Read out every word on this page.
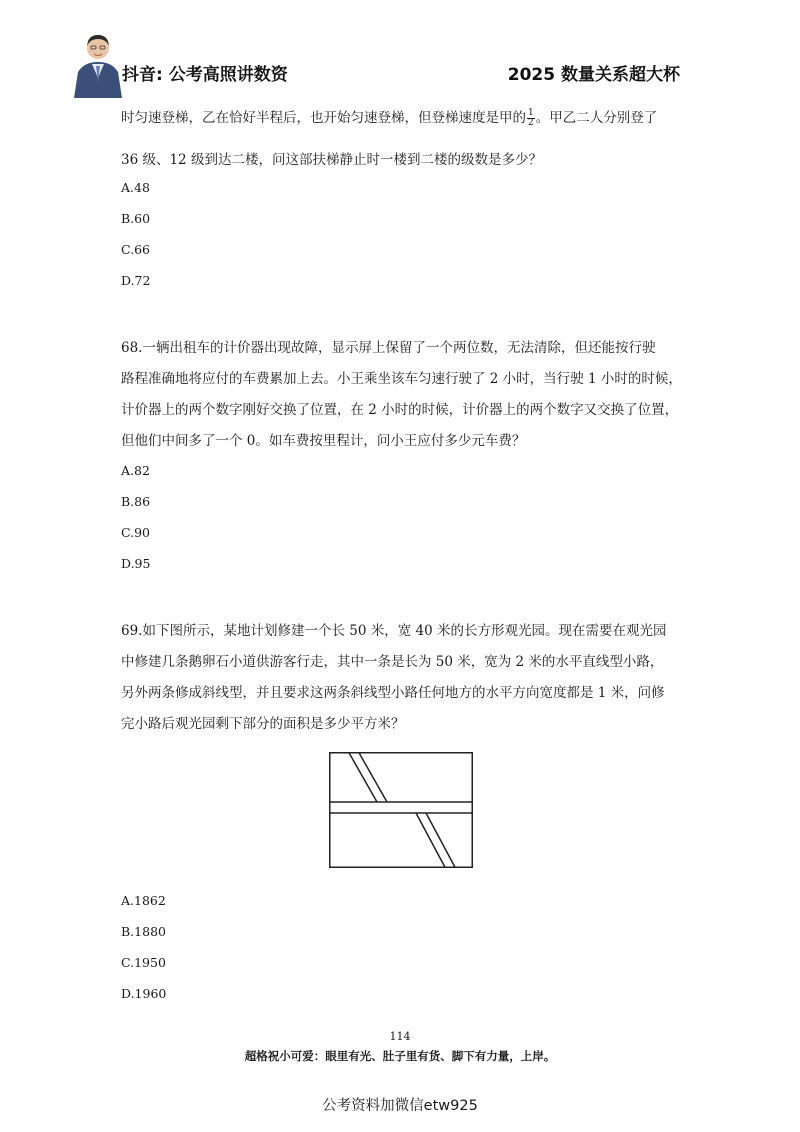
抖音: 公考高照讲数资	2025 数量关系超大杯
时匀速登梯，乙在恰好半程后，也开始匀速登梯，但登梯速度是甲的 $\frac{1}{2}$ 。甲乙二人分别登了
36 级、12 级到达二楼，问这部扶梯静止时一楼到二楼的级数是多少？
A.48
B.60
C.66
D.72
68.一辆出租车的计价器出现故障，显示屏上保留了一个两位数，无法清除，但还能按行驶
路程准确地将应付的车费累加上去。小王乘坐该车匀速行驶了 2 小时，当行驶 1 小时的时候，
计价器上的两个数字刚好交换了位置，在 2 小时的时候，计价器上的两个数字又交换了位置，
但他们中间多了一个 0。如车费按里程计，问小王应付多少元车费？
A.82
B.86
C.90
D.95
69.如下图所示，某地计划修建一个长 50 米，宽 40 米的长方形观光园。现在需要在观光园
中修建几条鹅卵石小道供游客行走，其中一条是长为 50 米，宽为 2 米的水平直线型小路，
另外两条修成斜线型，并且要求这两条斜线型小路任何地方的水平方向宽度都是 1 米，问修
完小路后观光园剩下部分的面积是多少平方米？
A.1862
B.1880
C.1950
D.1960
114
超格祝小可爱：眼里有光、肚子里有货、脚下有力量，上岸。
公考资料加微信etw925
